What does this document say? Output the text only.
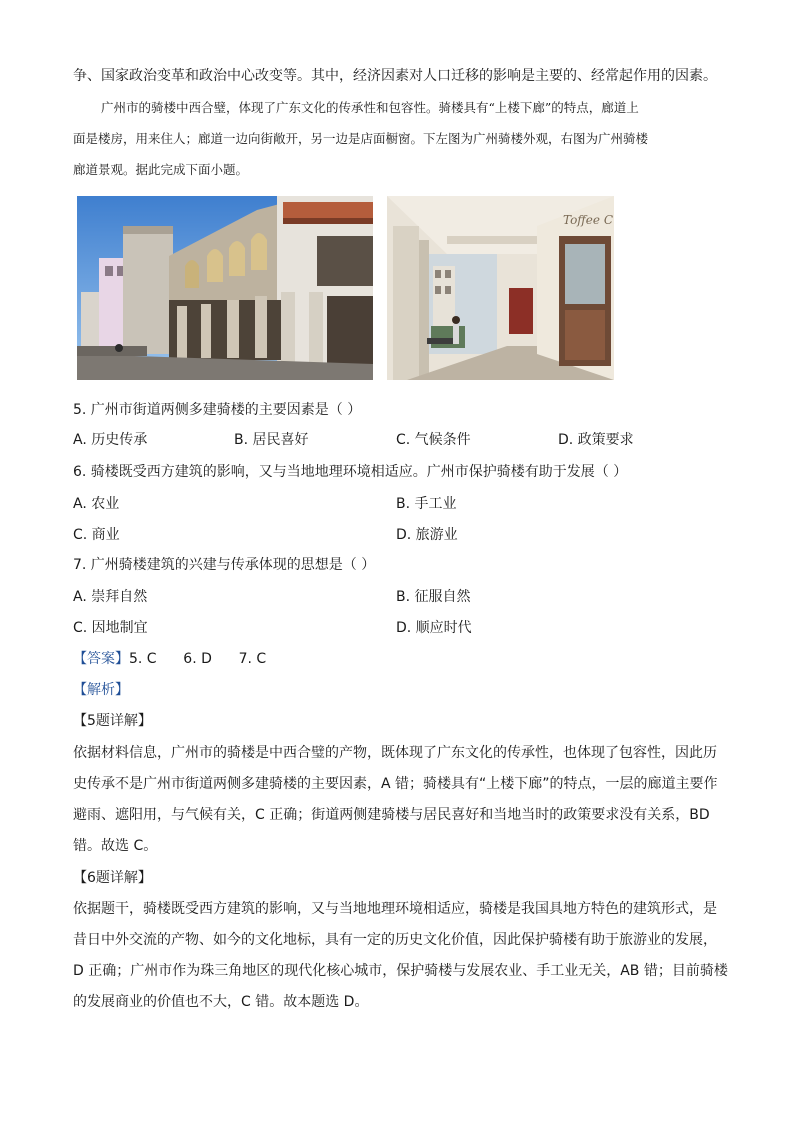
争、国家政治变革和政治中心改变等。其中，经济因素对人口迁移的影响是主要的、经常起作用的因素。
广州市的骑楼中西合璧，体现了广东文化的传承性和包容性。骑楼具有“上楼下廊”的特点，廊道上
面是楼房，用来住人；廊道一边向街敞开，另一边是店面橱窗。下左图为广州骑楼外观，右图为广州骑楼
廊道景观。据此完成下面小题。
Toffee C
5. 广州市街道两侧多建骑楼的主要因素是（ ）
A. 历史传承	B. 居民喜好	C. 气候条件	D. 政策要求
6. 骑楼既受西方建筑的影响，又与当地地理环境相适应。广州市保护骑楼有助于发展（ ）
A. 农业	B. 手工业
C. 商业	D. 旅游业
7. 广州骑楼建筑的兴建与传承体现的思想是（ ）
A. 崇拜自然	B. 征服自然
C. 因地制宜	D. 顺应时代
【答案】5. C      6. D      7. C
【解析】
【5题详解】
依据材料信息，广州市的骑楼是中西合璧的产物，既体现了广东文化的传承性，也体现了包容性，因此历
史传承不是广州市街道两侧多建骑楼的主要因素，A 错；骑楼具有“上楼下廊”的特点，一层的廊道主要作
避雨、遮阳用，与气候有关，C 正确；街道两侧建骑楼与居民喜好和当地当时的政策要求没有关系，BD
错。故选 C。
【6题详解】
依据题干，骑楼既受西方建筑的影响，又与当地地理环境相适应，骑楼是我国具地方特色的建筑形式，是
昔日中外交流的产物、如今的文化地标，具有一定的历史文化价值，因此保护骑楼有助于旅游业的发展，
D 正确；广州市作为珠三角地区的现代化核心城市，保护骑楼与发展农业、手工业无关，AB 错；目前骑楼
的发展商业的价值也不大，C 错。故本题选 D。
